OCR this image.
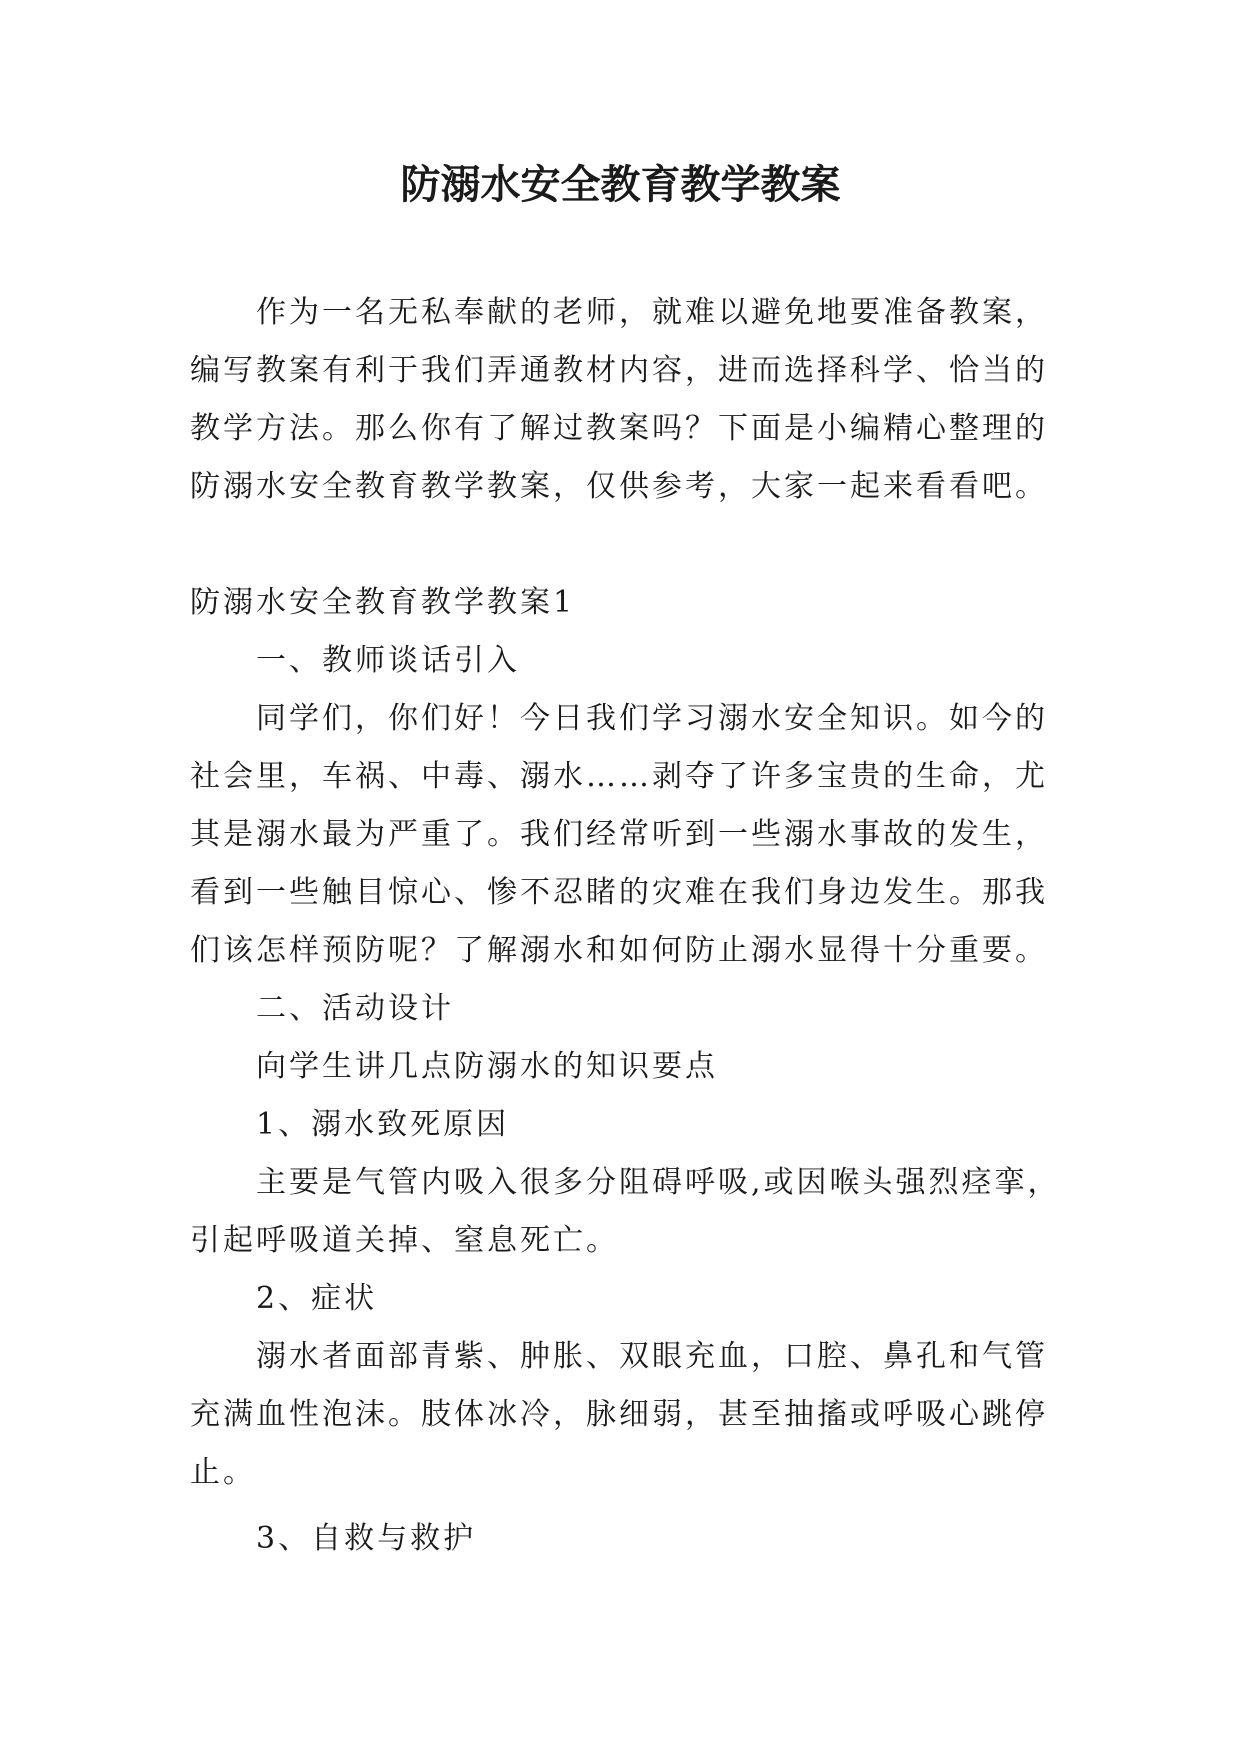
防溺水安全教育教学教案

作为一名无私奉献的老师，就难以避免地要准备教案，编写教案有利于我们弄通教材内容，进而选择科学、恰当的教学方法。那么你有了解过教案吗？下面是小编精心整理的防溺水安全教育教学教案，仅供参考，大家一起来看看吧。

防溺水安全教育教学教案1

一、教师谈话引入

同学们，你们好！今日我们学习溺水安全知识。如今的社会里，车祸、中毒、溺水……剥夺了许多宝贵的生命，尤其是溺水最为严重了。我们经常听到一些溺水事故的发生，看到一些触目惊心、惨不忍睹的灾难在我们身边发生。那我们该怎样预防呢？了解溺水和如何防止溺水显得十分重要。

二、活动设计

向学生讲几点防溺水的知识要点

1、溺水致死原因

主要是气管内吸入很多分阻碍呼吸,或因喉头强烈痉挛，引起呼吸道关掉、窒息死亡。

2、症状

溺水者面部青紫、肿胀、双眼充血，口腔、鼻孔和气管充满血性泡沫。肢体冰冷，脉细弱，甚至抽搐或呼吸心跳停止。

3、自救与救护
